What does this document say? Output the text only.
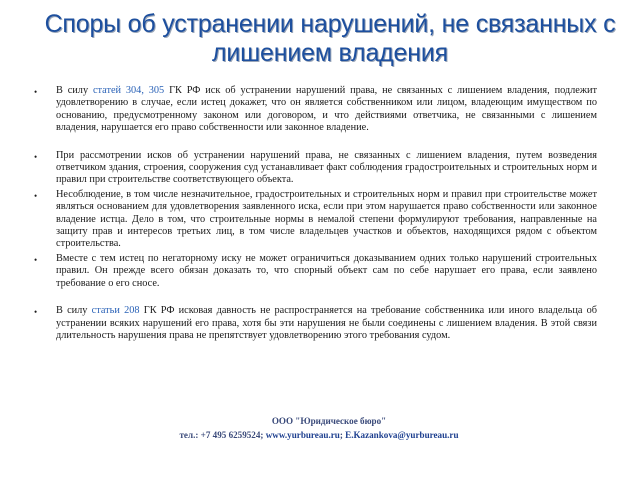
Споры об устранении нарушений, не связанных с лишением владения
• В силу статей 304, 305 ГК РФ иск об устранении нарушений права, не связанных с лишением владения, подлежит удовлетворению в случае, если истец докажет, что он является собственником или лицом, владеющим имуществом по основанию, предусмотренному законом или договором, и что действиями ответчика, не связанными с лишением владения, нарушается его право собственности или законное владение.
• При рассмотрении исков об устранении нарушений права, не связанных с лишением владения, путем возведения ответчиком здания, строения, сооружения суд устанавливает факт соблюдения градостроительных и строительных норм и правил при строительстве соответствующего объекта.
• Несоблюдение, в том числе незначительное, градостроительных и строительных норм и правил при строительстве может являться основанием для удовлетворения заявленного иска, если при этом нарушается право собственности или законное владение истца. Дело в том, что строительные нормы в немалой степени формулируют требования, направленные на защиту прав и интересов третьих лиц, в том числе владельцев участков и объектов, находящихся рядом с объектом строительства.
• Вместе с тем истец по негаторному иску не может ограничиться доказыванием одних только нарушений строительных правил. Он прежде всего обязан доказать то, что спорный объект сам по себе нарушает его права, если заявлено требование о его сносе.
• В силу статьи 208 ГК РФ исковая давность не распространяется на требование собственника или иного владельца об устранении всяких нарушений его права, хотя бы эти нарушения не были соединены с лишением владения. В этой связи длительность нарушения права не препятствует удовлетворению этого требования судом.
ООО "Юридическое бюро"
тел.: +7 495 6259524; www.yurbureau.ru; E.Kazankova@yurbureau.ru
